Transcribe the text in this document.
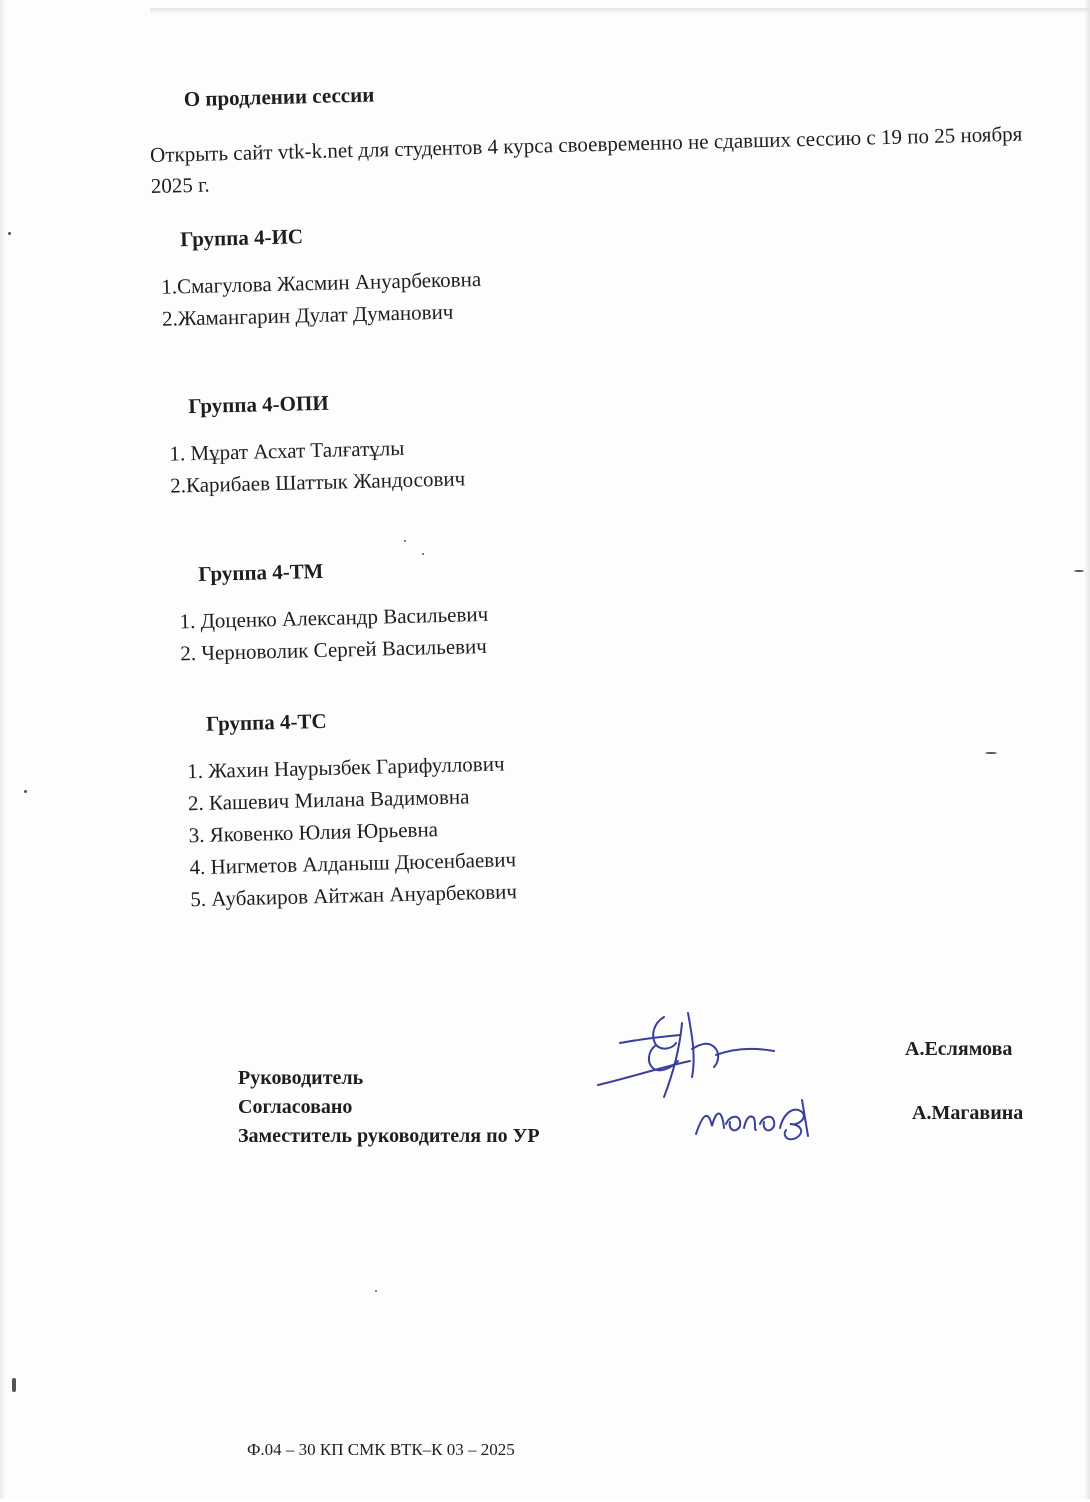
О продлении сессии
Открыть сайт vtk-k.net для студентов 4 курса своевременно не сдавших сессию с 19 по 25 ноября 2025 г.
Группа 4-ИС
1.Смагулова Жасмин Ануарбековна
2.Жамангарин Дулат Думанович
Группа 4-ОПИ
1. Мұрат Асхат Талғатұлы
2.Карибаев Шаттык Жандосович
Группа 4-ТМ
1. Доценко Александр Васильевич
2. Черноволик Сергей Васильевич
Группа 4-ТС
1. Жахин Наурызбек Гарифуллович
2. Кашевич Милана Вадимовна
3. Яковенко Юлия Юрьевна
4. Нигметов Алданыш Дюсенбаевич
5. Аубакиров Айтжан Ануарбекович
Руководитель
Согласовано
Заместитель руководителя по УР
А.Еслямова
А.Магавина
Ф.04 – 30 КП СМК ВТК–К 03 – 2025
